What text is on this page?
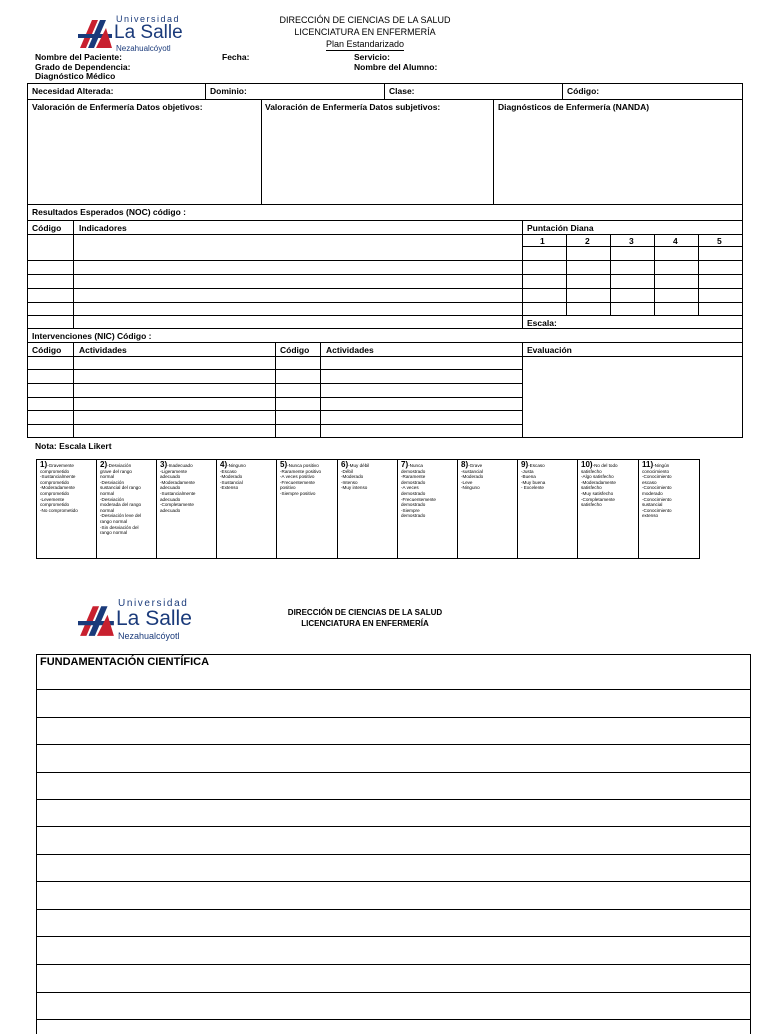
Universidad
La Salle
Nezahualcóyotl
DIRECCIÓN DE CIENCIAS DE LA SALUD
LICENCIATURA EN ENFERMERÍA
Plan Estandarizado
Nombre del Paciente:	Fecha:	Servicio:
Grado de Dependencia:	Nombre del Alumno:
Diagnóstico Médico
Necesidad Alterada:	Dominio:	Clase:	Código:
Valoración de Enfermería Datos objetivos:	Valoración de Enfermería Datos subjetivos:	Diagnósticos de Enfermería (NANDA)
Resultados Esperados (NOC) código :
Código Indicadores	Puntación Diana
1	2	3	4	5
Escala:
Intervenciones (NIC) Código :
Código Actividades	Código Actividades	Evaluación
Nota: Escala Likert
1)-Gravemente
comprometido
-Sustancialmente
comprometido
-Moderadamente
comprometido
-Levemente
comprometido
-No comprometido
2)-Desviación
grave del rango
normal
-Desviación
sustancial del rango
normal
-Desviación
moderada del rango
normal
-Desviación leve del
rango normal
-Sin desviación del
rango normal
3)-Inadecuado
-Ligeramente
adecuado
-Moderadamente
adecuado
-Sustancialmente
adecuado
-Completamente
adecuado
4)-Ninguno
-Escaso
-Moderado
-Sustancial
-Extenso
5)-Nunca positivo
-Raramente positivo
-A veces positivo
-Frecuentemente
positivo
-Siempre positivo
6)-Muy débil
-Débil
-Moderado
-Intenso
-Muy intenso
7)-Nunca
demostrado
-Raramente
demostrado
-A veces
demostrado
-Frecuentemente
demostrado
-Siempre
demostrado
8)-Grave
-sustancial
-Moderado
-Leve
-Ninguno
9)-Escaso
-Justa
-Buena
-Muy buena
- Excelente
10)-No del todo
satisfecho
-Algo satisfecho
-Moderadamente
satisfecho
-Muy satisfecho
-Completamente
satisfecho
11)-Ningún
conocimiento
-Conocimiento
escaso
-Conocimiento
moderado
-Conocimiento
sustancial
-Conocimiento
extenso
Universidad
La Salle
Nezahualcóyotl
DIRECCIÓN DE CIENCIAS DE LA SALUD
LICENCIATURA EN ENFERMERÍA
FUNDAMENTACIÓN CIENTÍFICA
